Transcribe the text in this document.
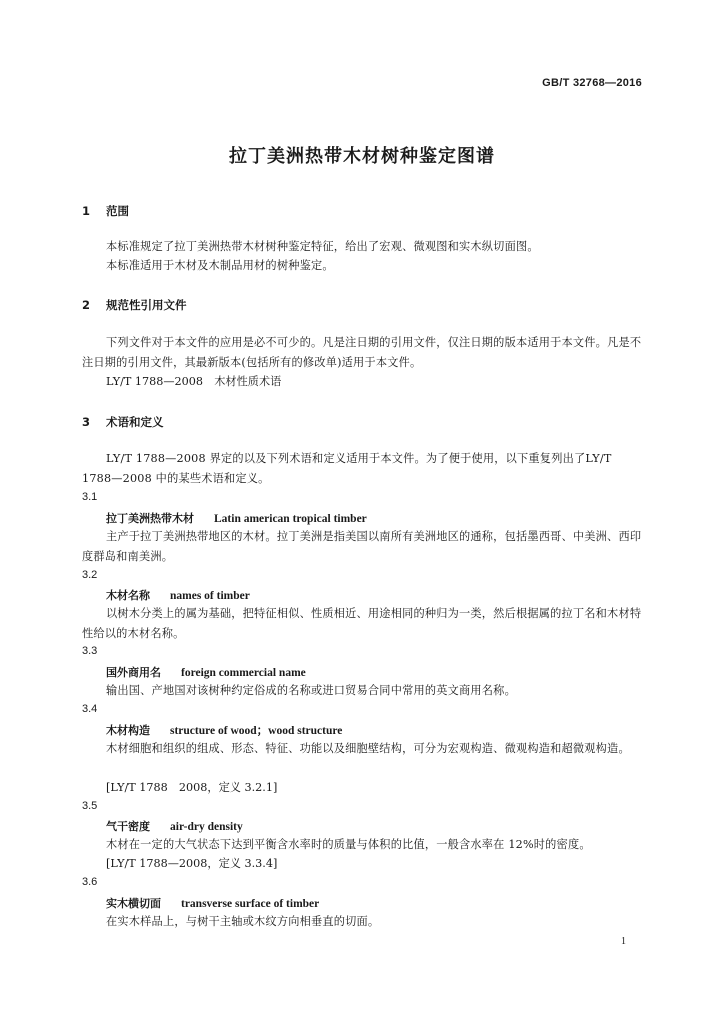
GB/T 32768—2016
拉丁美洲热带木材树种鉴定图谱
1 范围
本标准规定了拉丁美洲热带木材树种鉴定特征，给出了宏观、微观图和实木纵切面图。
本标准适用于木材及木制品用材的树种鉴定。
2 规范性引用文件
下列文件对于本文件的应用是必不可少的。凡是注日期的引用文件，仅注日期的版本适用于本文件。凡是不注日期的引用文件，其最新版本(包括所有的修改单)适用于本文件。
LY/T 1788—2008　木材性质术语
3 术语和定义
LY/T 1788—2008 界定的以及下列术语和定义适用于本文件。为了便于使用，以下重复列出了LY/T 1788—2008 中的某些术语和定义。
3.1
拉丁美洲热带木材 Latin american tropical timber
主产于拉丁美洲热带地区的木材。拉丁美洲是指美国以南所有美洲地区的通称，包括墨西哥、中美洲、西印度群岛和南美洲。
3.2
木材名称 names of timber
以树木分类上的属为基础，把特征相似、性质相近、用途相同的种归为一类，然后根据属的拉丁名和木材特性给以的木材名称。
3.3
国外商用名 foreign commercial name
输出国、产地国对该树种约定俗成的名称或进口贸易合同中常用的英文商用名称。
3.4
木材构造 structure of wood；wood structure
木材细胞和组织的组成、形态、特征、功能以及细胞壁结构，可分为宏观构造、微观构造和超微观构造。
[LY/T 1788　2008，定义 3.2.1]
3.5
气干密度 air-dry density
木材在一定的大气状态下达到平衡含水率时的质量与体积的比值，一般含水率在 12%时的密度。
[LY/T 1788—2008，定义 3.3.4]
3.6
实木横切面 transverse surface of timber
在实木样品上，与树干主轴或木纹方向相垂直的切面。
1
